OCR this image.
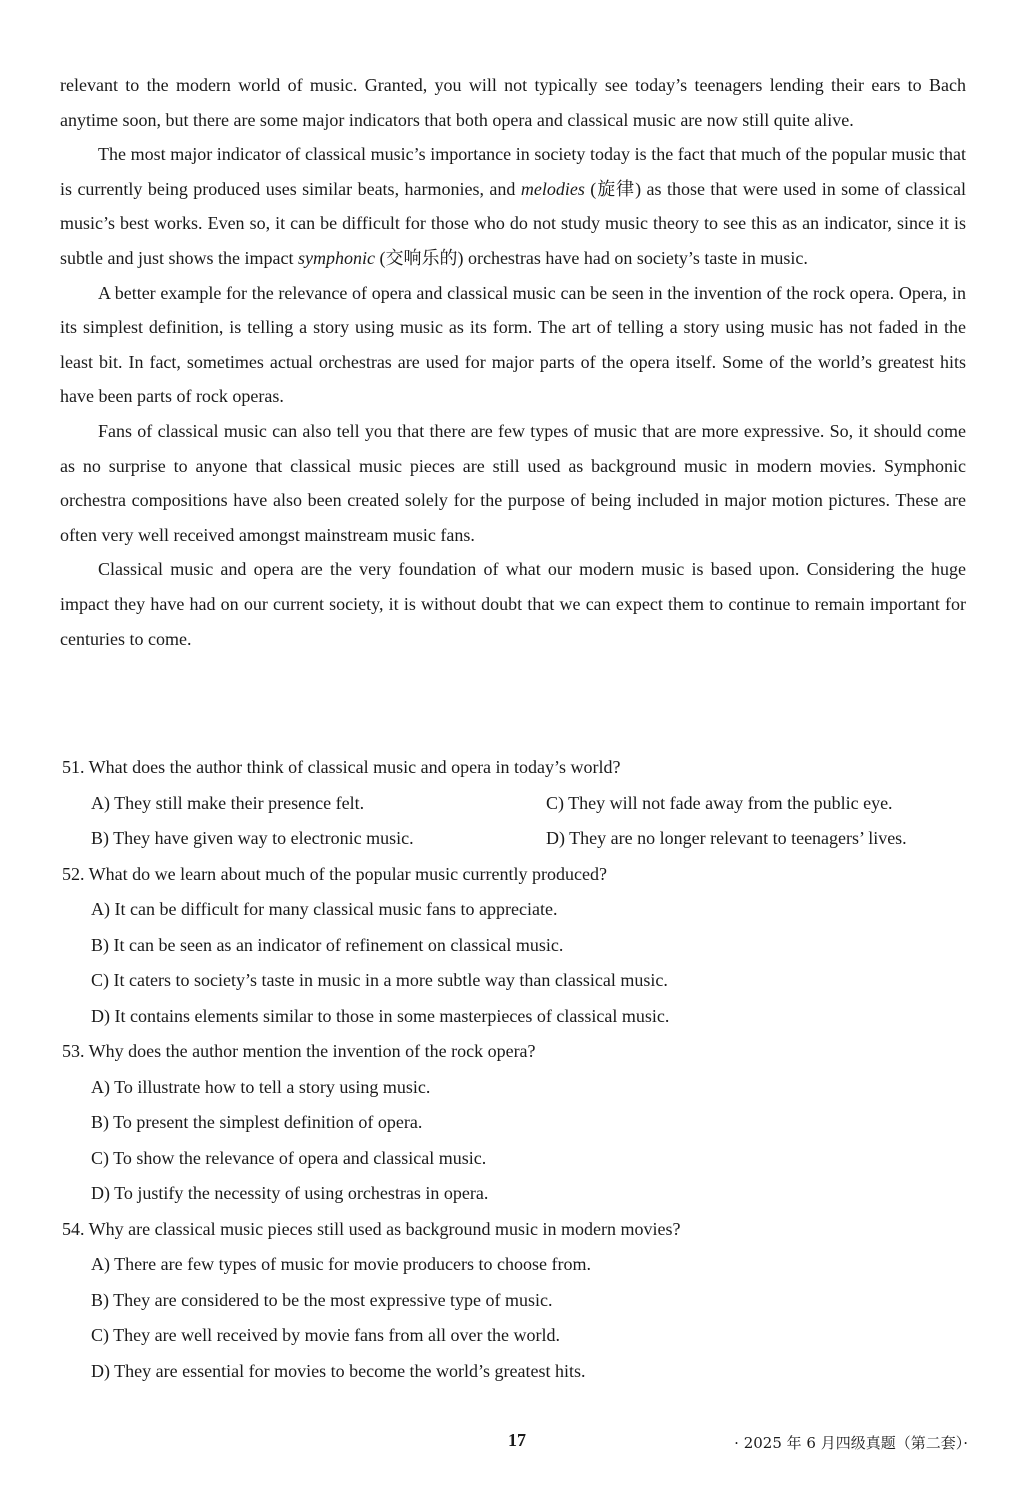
relevant to the modern world of music. Granted, you will not typically see today’s teenagers lending their ears to Bach anytime soon, but there are some major indicators that both opera and classical music are now still quite alive.

The most major indicator of classical music’s importance in society today is the fact that much of the popular music that is currently being produced uses similar beats, harmonies, and melodies (旋律) as those that were used in some of classical music’s best works. Even so, it can be difficult for those who do not study music theory to see this as an indicator, since it is subtle and just shows the impact symphonic (交响乐的) orchestras have had on society’s taste in music.

A better example for the relevance of opera and classical music can be seen in the invention of the rock opera. Opera, in its simplest definition, is telling a story using music as its form. The art of telling a story using music has not faded in the least bit. In fact, sometimes actual orchestras are used for major parts of the opera itself. Some of the world’s greatest hits have been parts of rock operas.

Fans of classical music can also tell you that there are few types of music that are more expressive. So, it should come as no surprise to anyone that classical music pieces are still used as background music in modern movies. Symphonic orchestra compositions have also been created solely for the purpose of being included in major motion pictures. These are often very well received amongst mainstream music fans.

Classical music and opera are the very foundation of what our modern music is based upon. Considering the huge impact they have had on our current society, it is without doubt that we can expect them to continue to remain important for centuries to come.

51. What does the author think of classical music and opera in today’s world?

A) They still make their presence felt.	C) They will not fade away from the public eye.
B) They have given way to electronic music.	D) They are no longer relevant to teenagers’ lives.

52. What do we learn about much of the popular music currently produced?

A) It can be difficult for many classical music fans to appreciate.

B) It can be seen as an indicator of refinement on classical music.

C) It caters to society’s taste in music in a more subtle way than classical music.

D) It contains elements similar to those in some masterpieces of classical music.

53. Why does the author mention the invention of the rock opera?

A) To illustrate how to tell a story using music.

B) To present the simplest definition of opera.

C) To show the relevance of opera and classical music.

D) To justify the necessity of using orchestras in opera.

54. Why are classical music pieces still used as background music in modern movies?

A) There are few types of music for movie producers to choose from.

B) They are considered to be the most expressive type of music.

C) They are well received by movie fans from all over the world.

D) They are essential for movies to become the world’s greatest hits.

17	· 2025 年 6 月四级真题（第二套）·
